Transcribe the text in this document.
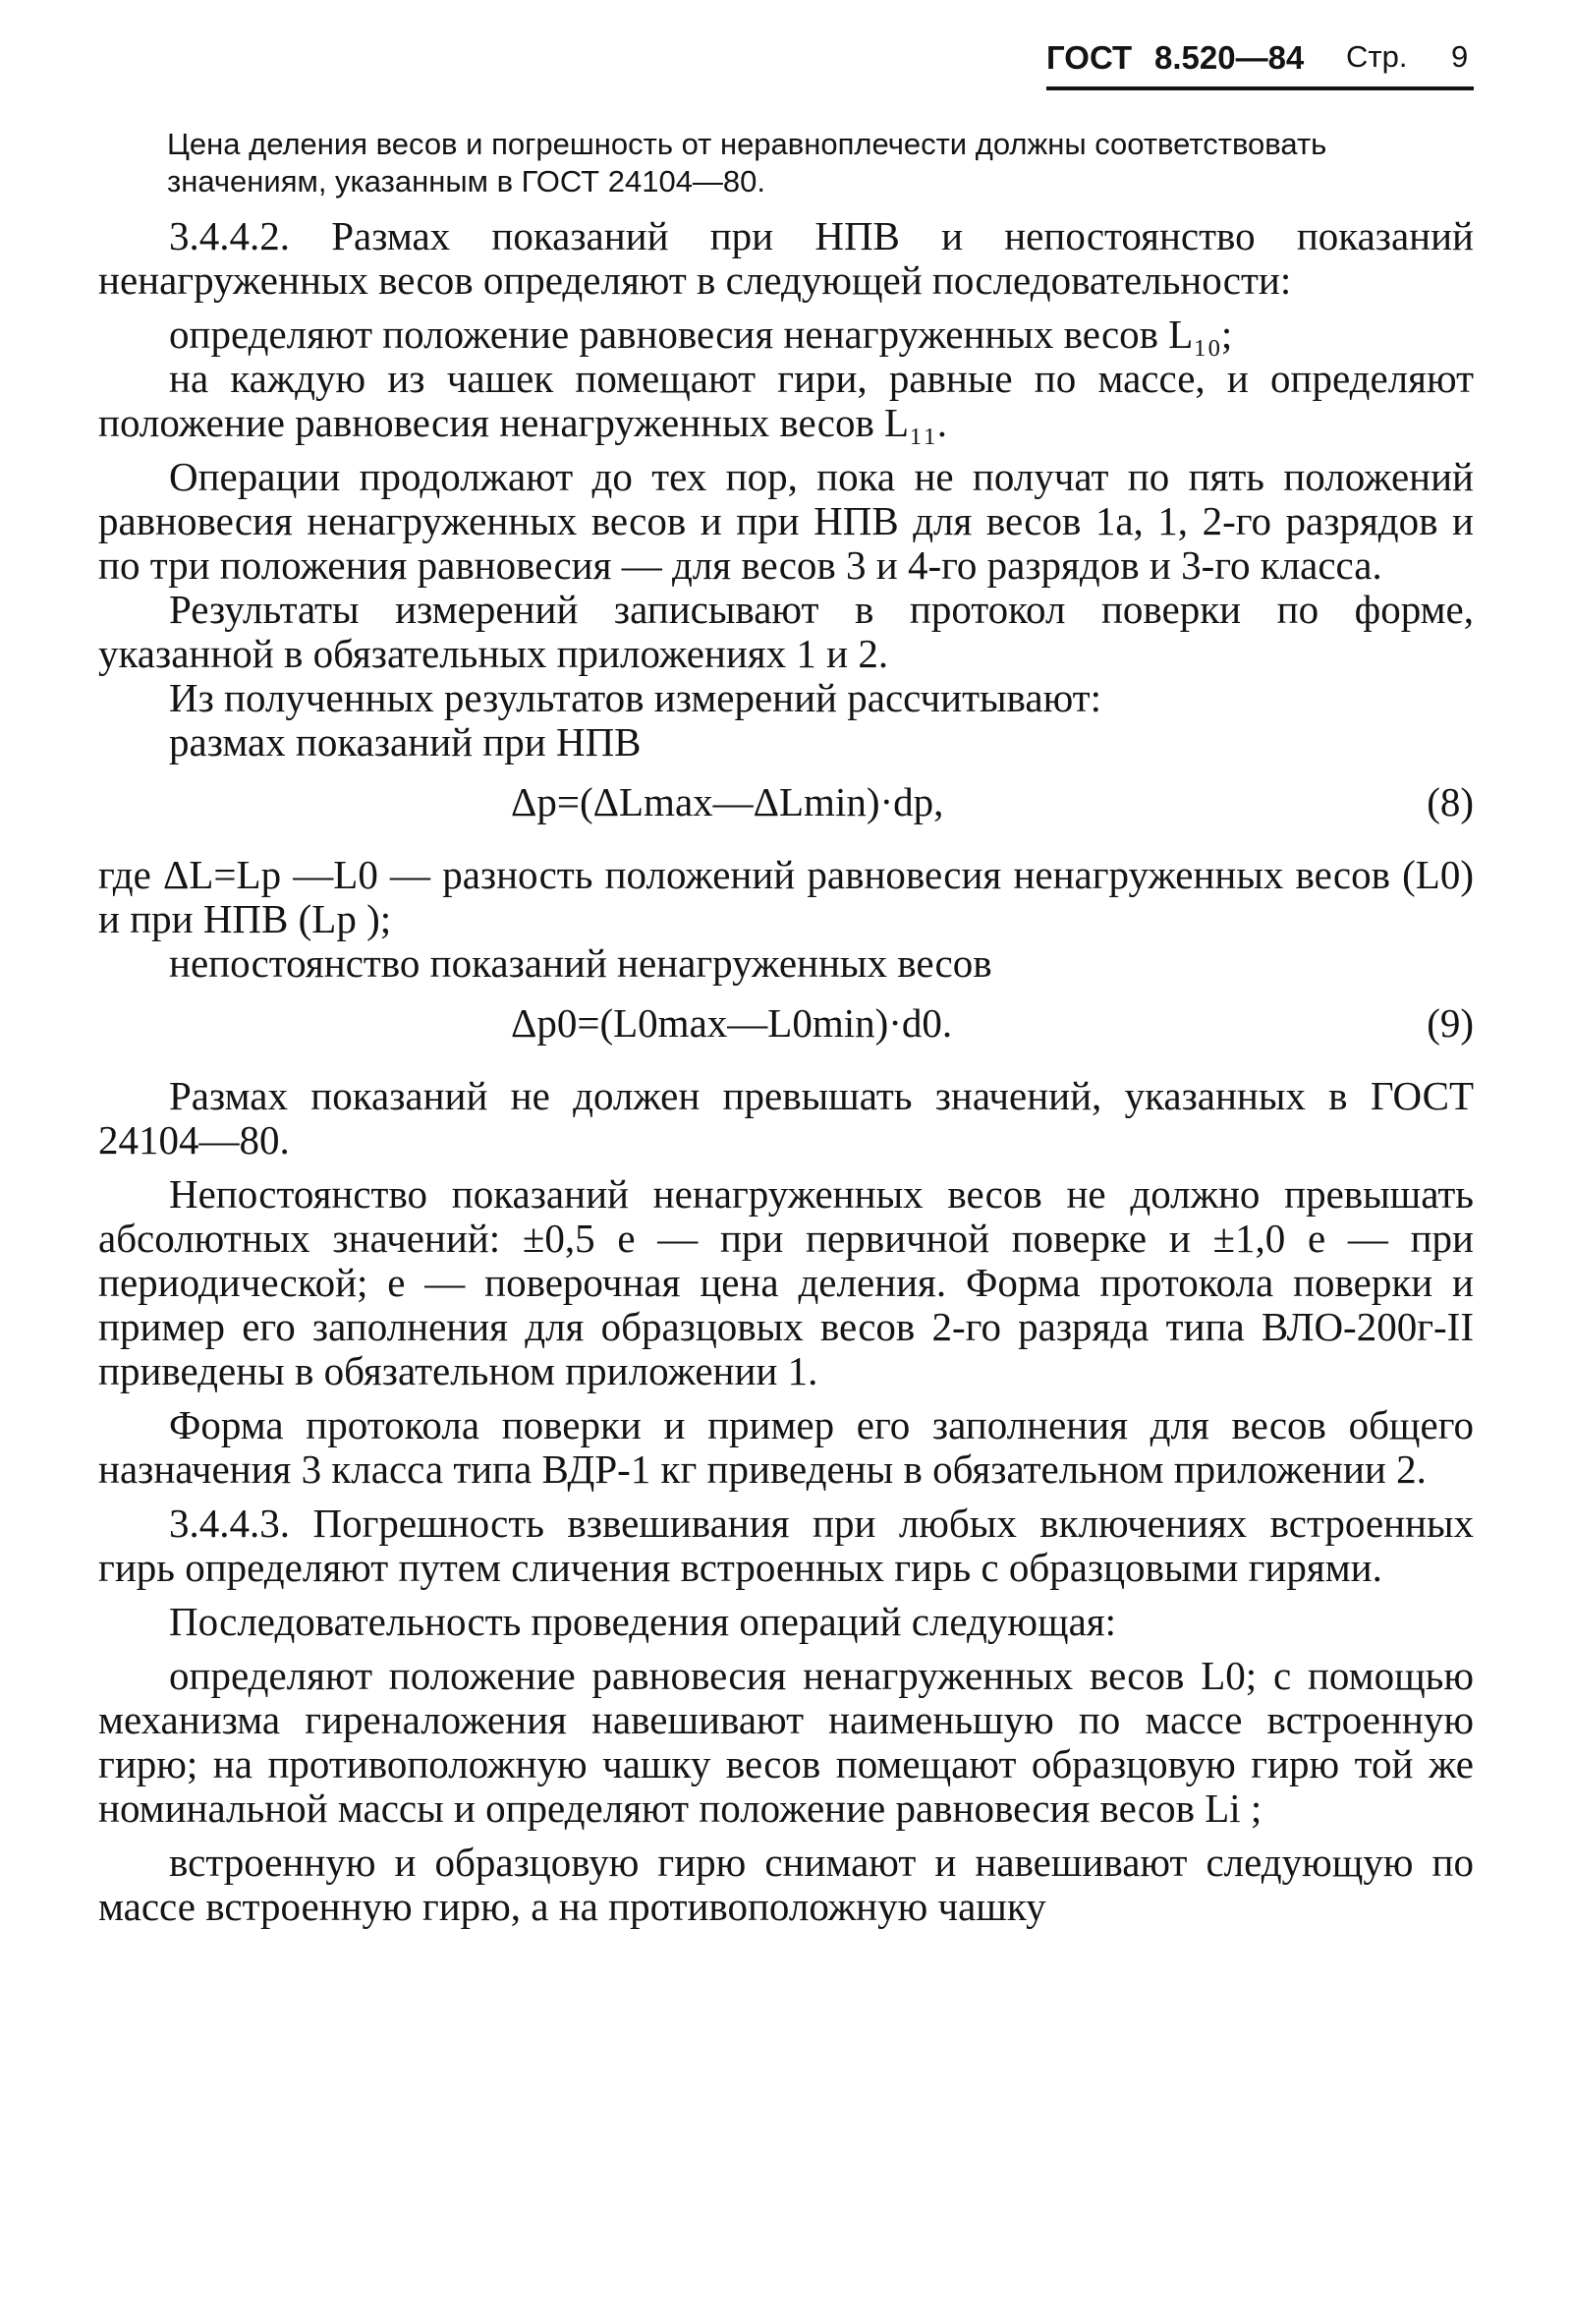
ГОСТ 8.520—84 Стр. 9
Цена деления весов и погрешность от неравноплечести должны соответствовать значениям, указанным в ГОСТ 24104—80.

3.4.4.2. Размах показаний при НПВ и непостоянство показаний ненагруженных весов определяют в следующей последовательности:

определяют положение равновесия ненагруженных весов L₁₀;

на каждую из чашек помещают гири, равные по массе, и определяют положение равновесия ненагруженных весов L₁₁.

Операции продолжают до тех пор, пока не получат по пять положений равновесия ненагруженных весов и при НПВ для весов 1а, 1, 2-го разрядов и по три положения равновесия — для весов 3 и 4-го разрядов и 3-го класса.

Результаты измерений записывают в протокол поверки по форме, указанной в обязательных приложениях 1 и 2.

Из полученных результатов измерений рассчитывают:

размах показаний при НПВ

Δp=(ΔLmax—ΔLmin)·dp,	(8)

где ΔL=Lp —L0 — разность положений равновесия ненагруженных весов (L0) и при НПВ (Lp );

непостоянство показаний ненагруженных весов

Δp0=(L0max—L0min)·d0.	(9)

Размах показаний не должен превышать значений, указанных в ГОСТ 24104—80.

Непостоянство показаний ненагруженных весов не должно превышать абсолютных значений: ±0,5 e — при первичной поверке и ±1,0 e — при периодической; e — поверочная цена деления. Форма протокола поверки и пример его заполнения для образцовых весов 2-го разряда типа ВЛО-200г-II приведены в обязательном приложении 1.

Форма протокола поверки и пример его заполнения для весов общего назначения 3 класса типа ВДР-1 кг приведены в обязательном приложении 2.

3.4.4.3. Погрешность взвешивания при любых включениях встроенных гирь определяют путем сличения встроенных гирь с образцовыми гирями.

Последовательность проведения операций следующая:

определяют положение равновесия ненагруженных весов L0; с помощью механизма гиреналожения навешивают наименьшую по массе встроенную гирю; на противоположную чашку весов помещают образцовую гирю той же номинальной массы и определяют положение равновесия весов Li ;

встроенную и образцовую гирю снимают и навешивают следующую по массе встроенную гирю, а на противоположную чашку
